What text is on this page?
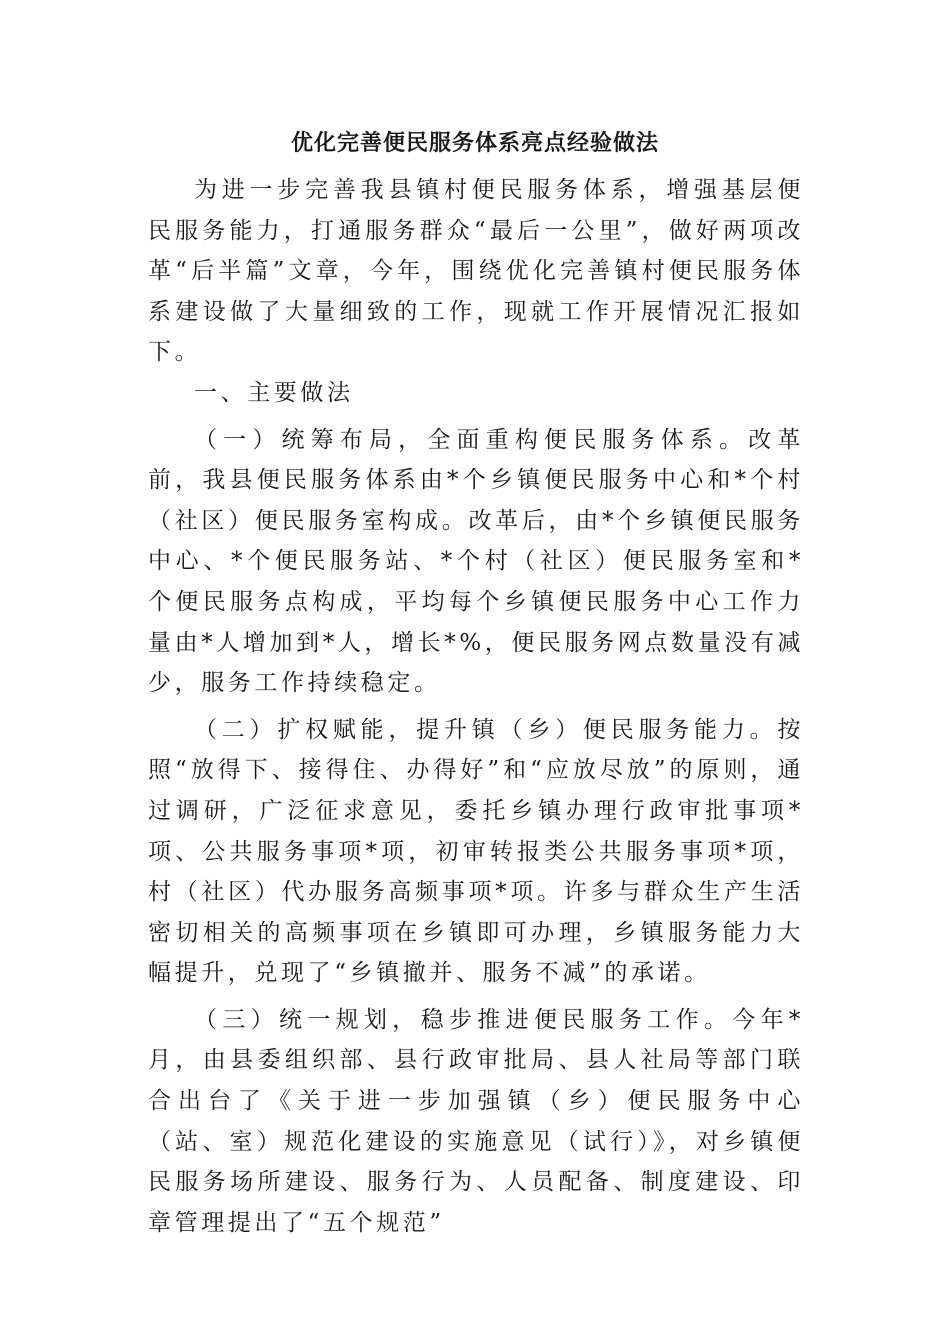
优化完善便民服务体系亮点经验做法

为进一步完善我县镇村便民服务体系，增强基层便民服务能力，打通服务群众“最后一公里”，做好两项改革“后半篇”文章，今年，围绕优化完善镇村便民服务体系建设做了大量细致的工作，现就工作开展情况汇报如下。

一、主要做法

（一）统筹布局，全面重构便民服务体系。改革前，我县便民服务体系由*个乡镇便民服务中心和*个村（社区）便民服务室构成。改革后，由*个乡镇便民服务中心、*个便民服务站、*个村（社区）便民服务室和*个便民服务点构成，平均每个乡镇便民服务中心工作力量由*人增加到*人，增长*%，便民服务网点数量没有减少，服务工作持续稳定。

（二）扩权赋能，提升镇（乡）便民服务能力。按照“放得下、接得住、办得好”和“应放尽放”的原则，通过调研，广泛征求意见，委托乡镇办理行政审批事项*项、公共服务事项*项，初审转报类公共服务事项*项，村（社区）代办服务高频事项*项。许多与群众生产生活密切相关的高频事项在乡镇即可办理，乡镇服务能力大幅提升，兑现了“乡镇撤并、服务不减”的承诺。

（三）统一规划，稳步推进便民服务工作。今年*月，由县委组织部、县行政审批局、县人社局等部门联合出台了《关于进一步加强镇（乡）便民服务中心（站、室）规范化建设的实施意见（试行）》，对乡镇便民服务场所建设、服务行为、人员配备、制度建设、印章管理提出了“五个规范”
